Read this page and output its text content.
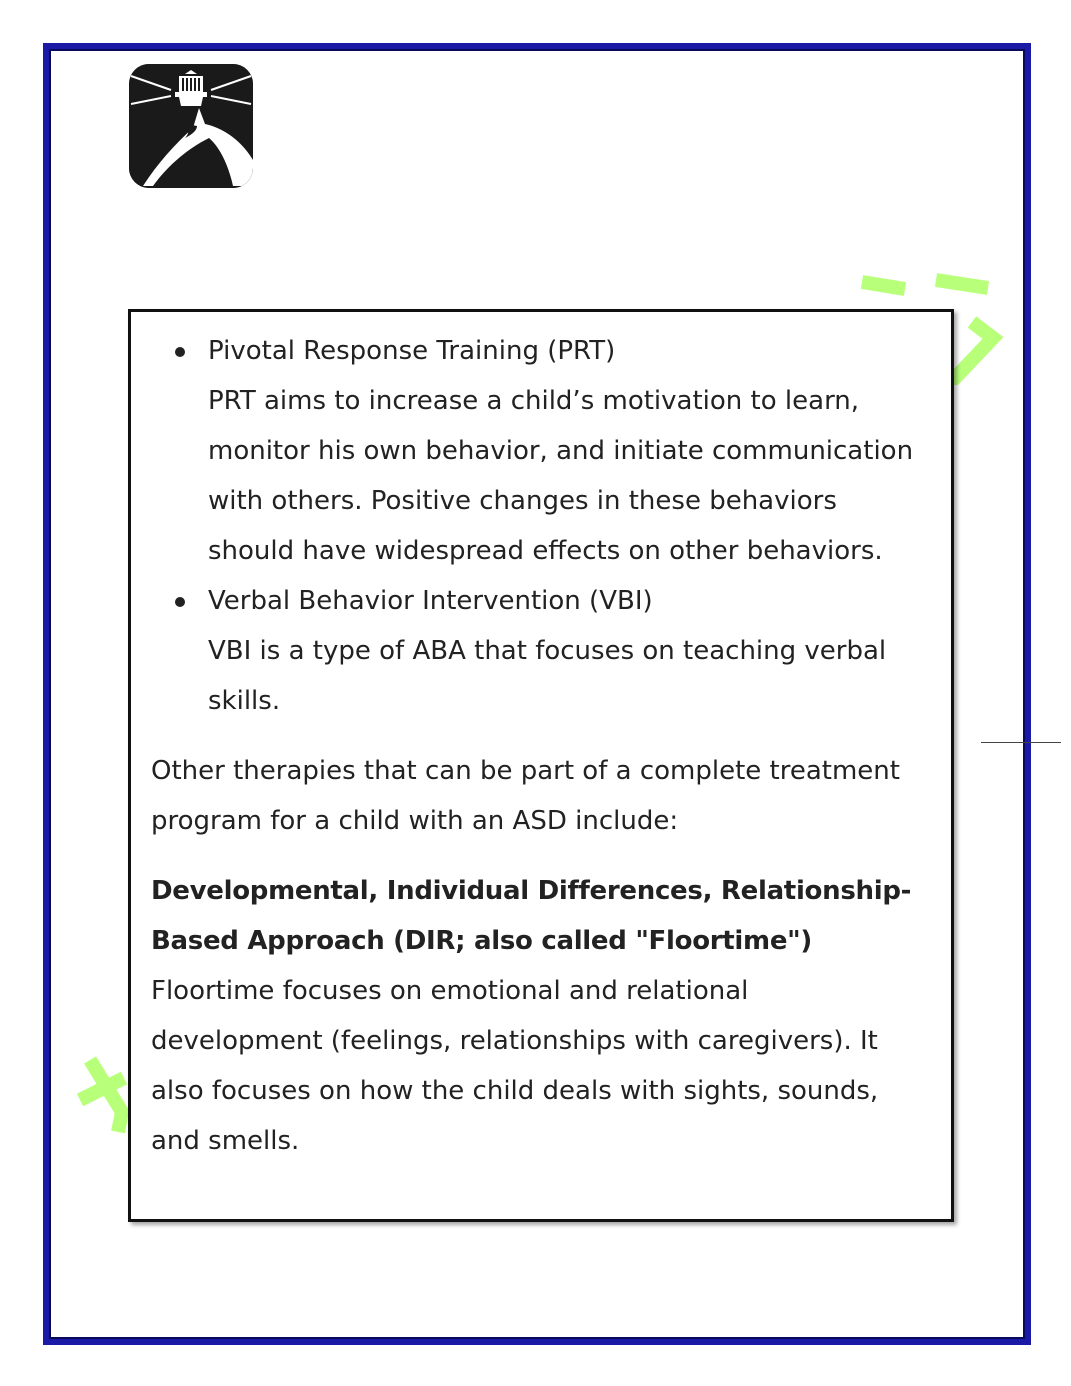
Pivotal Response Training (PRT)
PRT aims to increase a child’s motivation to learn, monitor his own behavior, and initiate communication with others. Positive changes in these behaviors should have widespread effects on other behaviors.
Verbal Behavior Intervention (VBI)
VBI is a type of ABA that focuses on teaching verbal skills.

Other therapies that can be part of a complete treatment program for a child with an ASD include:

Developmental, Individual Differences, Relationship-Based Approach (DIR; also called "Floortime")

Floortime focuses on emotional and relational development (feelings, relationships with caregivers). It also focuses on how the child deals with sights, sounds, and smells.
